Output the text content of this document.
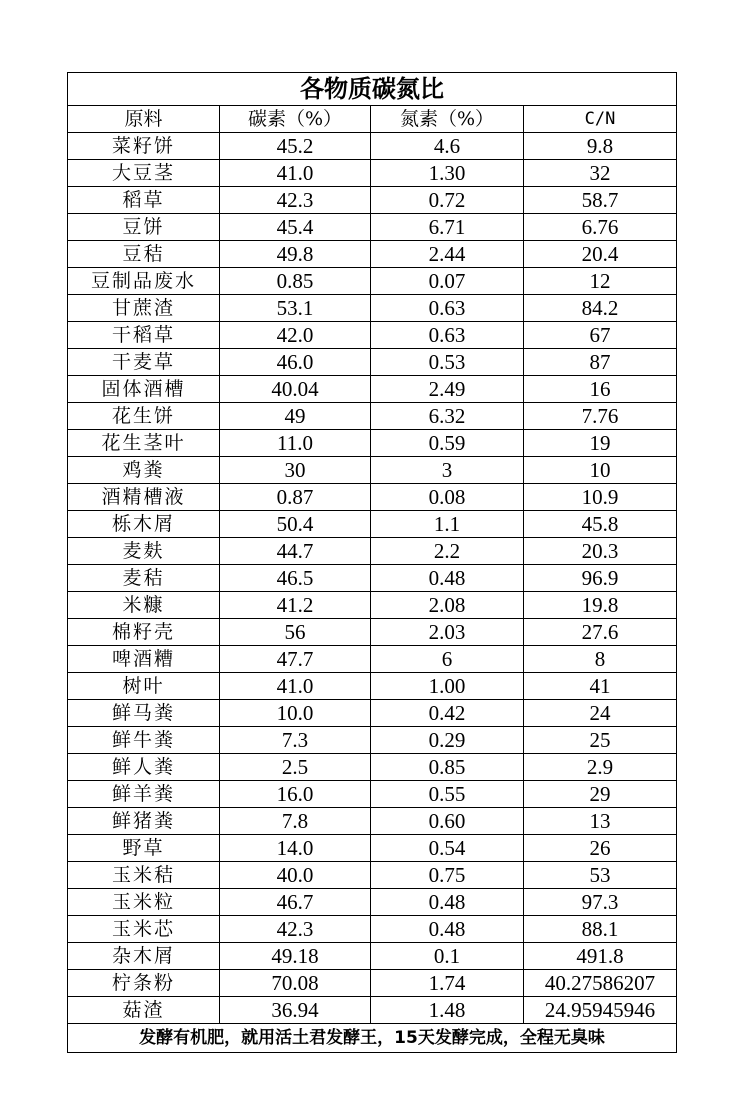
各物质碳氮比			
原料	碳素（%）	氮素（%）	C/N
菜籽饼	45.2	4.6	9.8
大豆茎	41.0	1.30	32
稻草	42.3	0.72	58.7
豆饼	45.4	6.71	6.76
豆秸	49.8	2.44	20.4
豆制品废水	0.85	0.07	12
甘蔗渣	53.1	0.63	84.2
干稻草	42.0	0.63	67
干麦草	46.0	0.53	87
固体酒槽	40.04	2.49	16
花生饼	49	6.32	7.76
花生茎叶	11.0	0.59	19
鸡粪	30	3	10
酒精槽液	0.87	0.08	10.9
栎木屑	50.4	1.1	45.8
麦麸	44.7	2.2	20.3
麦秸	46.5	0.48	96.9
米糠	41.2	2.08	19.8
棉籽壳	56	2.03	27.6
啤酒糟	47.7	6	8
树叶	41.0	1.00	41
鲜马粪	10.0	0.42	24
鲜牛粪	7.3	0.29	25
鲜人粪	2.5	0.85	2.9
鲜羊粪	16.0	0.55	29
鲜猪粪	7.8	0.60	13
野草	14.0	0.54	26
玉米秸	40.0	0.75	53
玉米粒	46.7	0.48	97.3
玉米芯	42.3	0.48	88.1
杂木屑	49.18	0.1	491.8
柠条粉	70.08	1.74	40.27586207
菇渣	36.94	1.48	24.95945946
发酵有机肥，就用活土君发酵王，15天发酵完成，全程无臭味			
